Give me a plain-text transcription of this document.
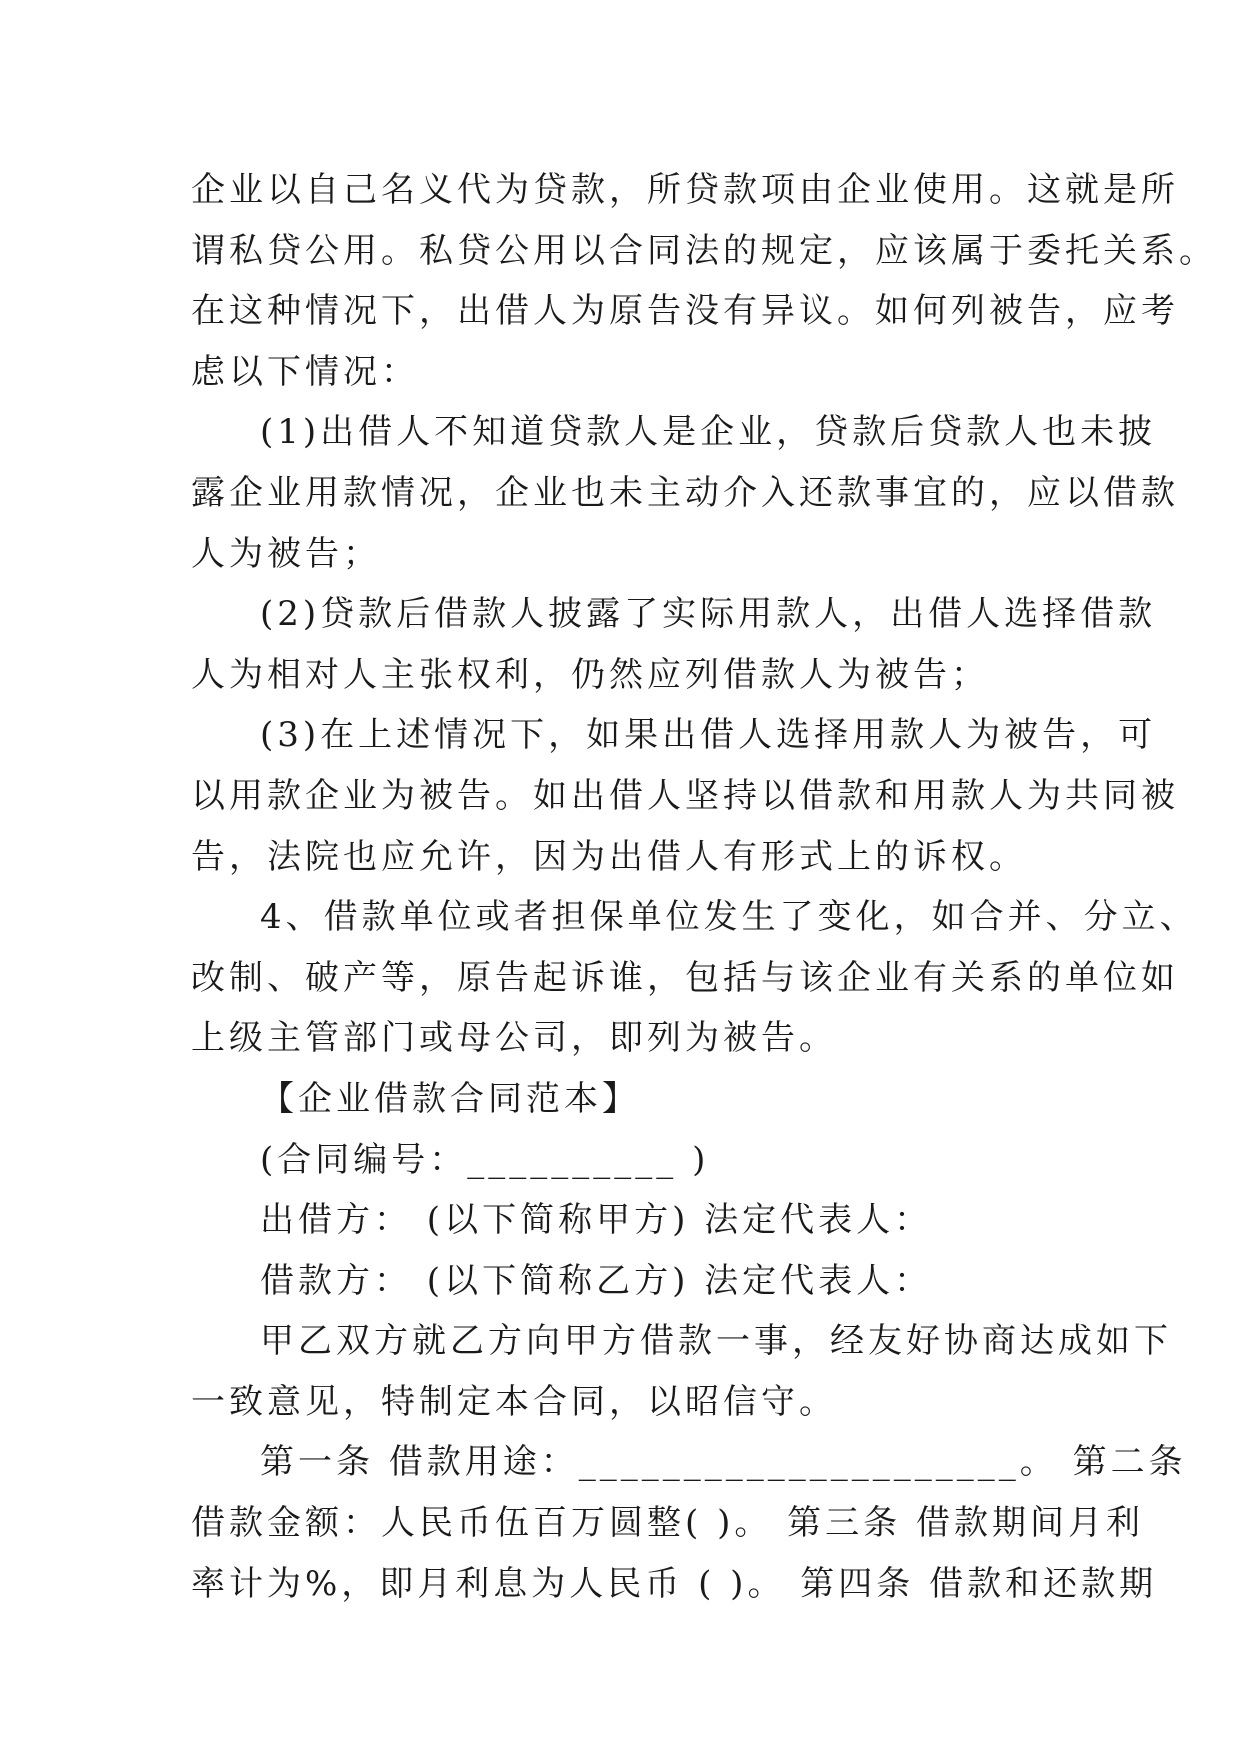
企业以自己名义代为贷款，所贷款项由企业使用。这就是所
谓私贷公用。私贷公用以合同法的规定，应该属于委托关系。
在这种情况下，出借人为原告没有异议。如何列被告，应考
虑以下情况：
(1)出借人不知道贷款人是企业，贷款后贷款人也未披
露企业用款情况，企业也未主动介入还款事宜的，应以借款
人为被告；
(2)贷款后借款人披露了实际用款人，出借人选择借款
人为相对人主张权利，仍然应列借款人为被告；
(3)在上述情况下，如果出借人选择用款人为被告，可
以用款企业为被告。如出借人坚持以借款和用款人为共同被
告，法院也应允许，因为出借人有形式上的诉权。
4、借款单位或者担保单位发生了变化，如合并、分立、
改制、破产等，原告起诉谁，包括与该企业有关系的单位如
上级主管部门或母公司，即列为被告。
【企业借款合同范本】
(合同编号：__________ )
出借方： (以下简称甲方) 法定代表人：
借款方： (以下简称乙方) 法定代表人：
甲乙双方就乙方向甲方借款一事，经友好协商达成如下
一致意见，特制定本合同，以昭信守。
第一条 借款用途：_____________________。 第二条
借款金额：人民币伍百万圆整( )。 第三条 借款期间月利
率计为%，即月利息为人民币 ( )。 第四条 借款和还款期
